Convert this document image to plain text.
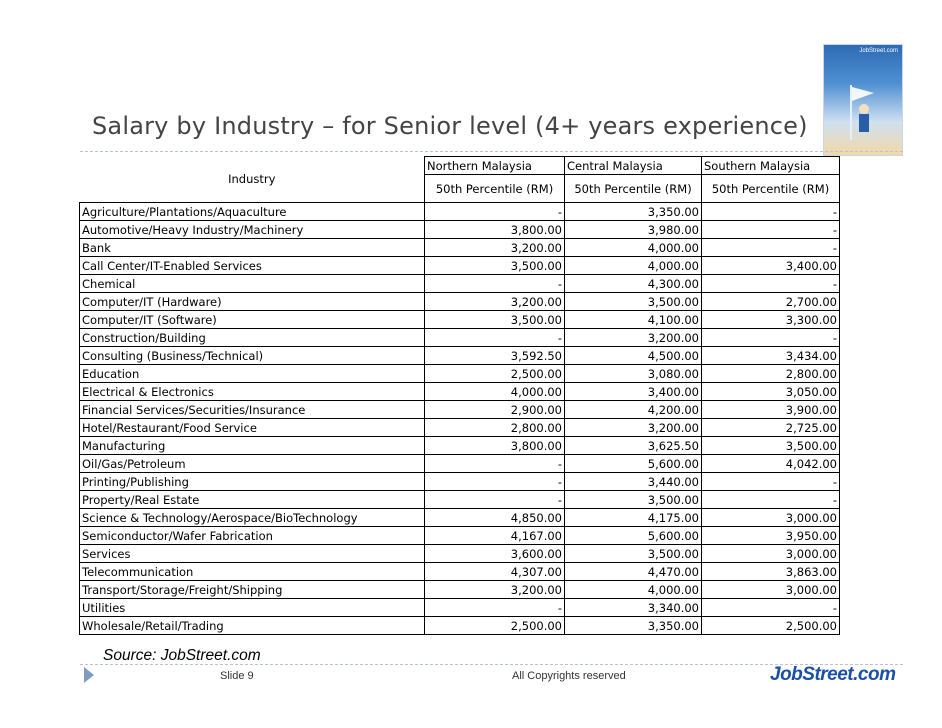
JobStreet.com
Salary by Industry – for Senior level (4+ years experience)
Industry	Northern Malaysia	Central Malaysia	Southern Malaysia
	50th Percentile (RM)	50th Percentile (RM)	50th Percentile (RM)
Agriculture/Plantations/Aquaculture	-	3,350.00	-
Automotive/Heavy Industry/Machinery	3,800.00	3,980.00	-
Bank	3,200.00	4,000.00	-
Call Center/IT-Enabled Services	3,500.00	4,000.00	3,400.00
Chemical	-	4,300.00	-
Computer/IT (Hardware)	3,200.00	3,500.00	2,700.00
Computer/IT (Software)	3,500.00	4,100.00	3,300.00
Construction/Building	-	3,200.00	-
Consulting (Business/Technical)	3,592.50	4,500.00	3,434.00
Education	2,500.00	3,080.00	2,800.00
Electrical & Electronics	4,000.00	3,400.00	3,050.00
Financial Services/Securities/Insurance	2,900.00	4,200.00	3,900.00
Hotel/Restaurant/Food Service	2,800.00	3,200.00	2,725.00
Manufacturing	3,800.00	3,625.50	3,500.00
Oil/Gas/Petroleum	-	5,600.00	4,042.00
Printing/Publishing	-	3,440.00	-
Property/Real Estate	-	3,500.00	-
Science & Technology/Aerospace/BioTechnology	4,850.00	4,175.00	3,000.00
Semiconductor/Wafer Fabrication	4,167.00	5,600.00	3,950.00
Services	3,600.00	3,500.00	3,000.00
Telecommunication	4,307.00	4,470.00	3,863.00
Transport/Storage/Freight/Shipping	3,200.00	4,000.00	3,000.00
Utilities	-	3,340.00	-
Wholesale/Retail/Trading	2,500.00	3,350.00	2,500.00
Source: JobStreet.com
Slide 9	All Copyrights reserved	JobStreet.com
